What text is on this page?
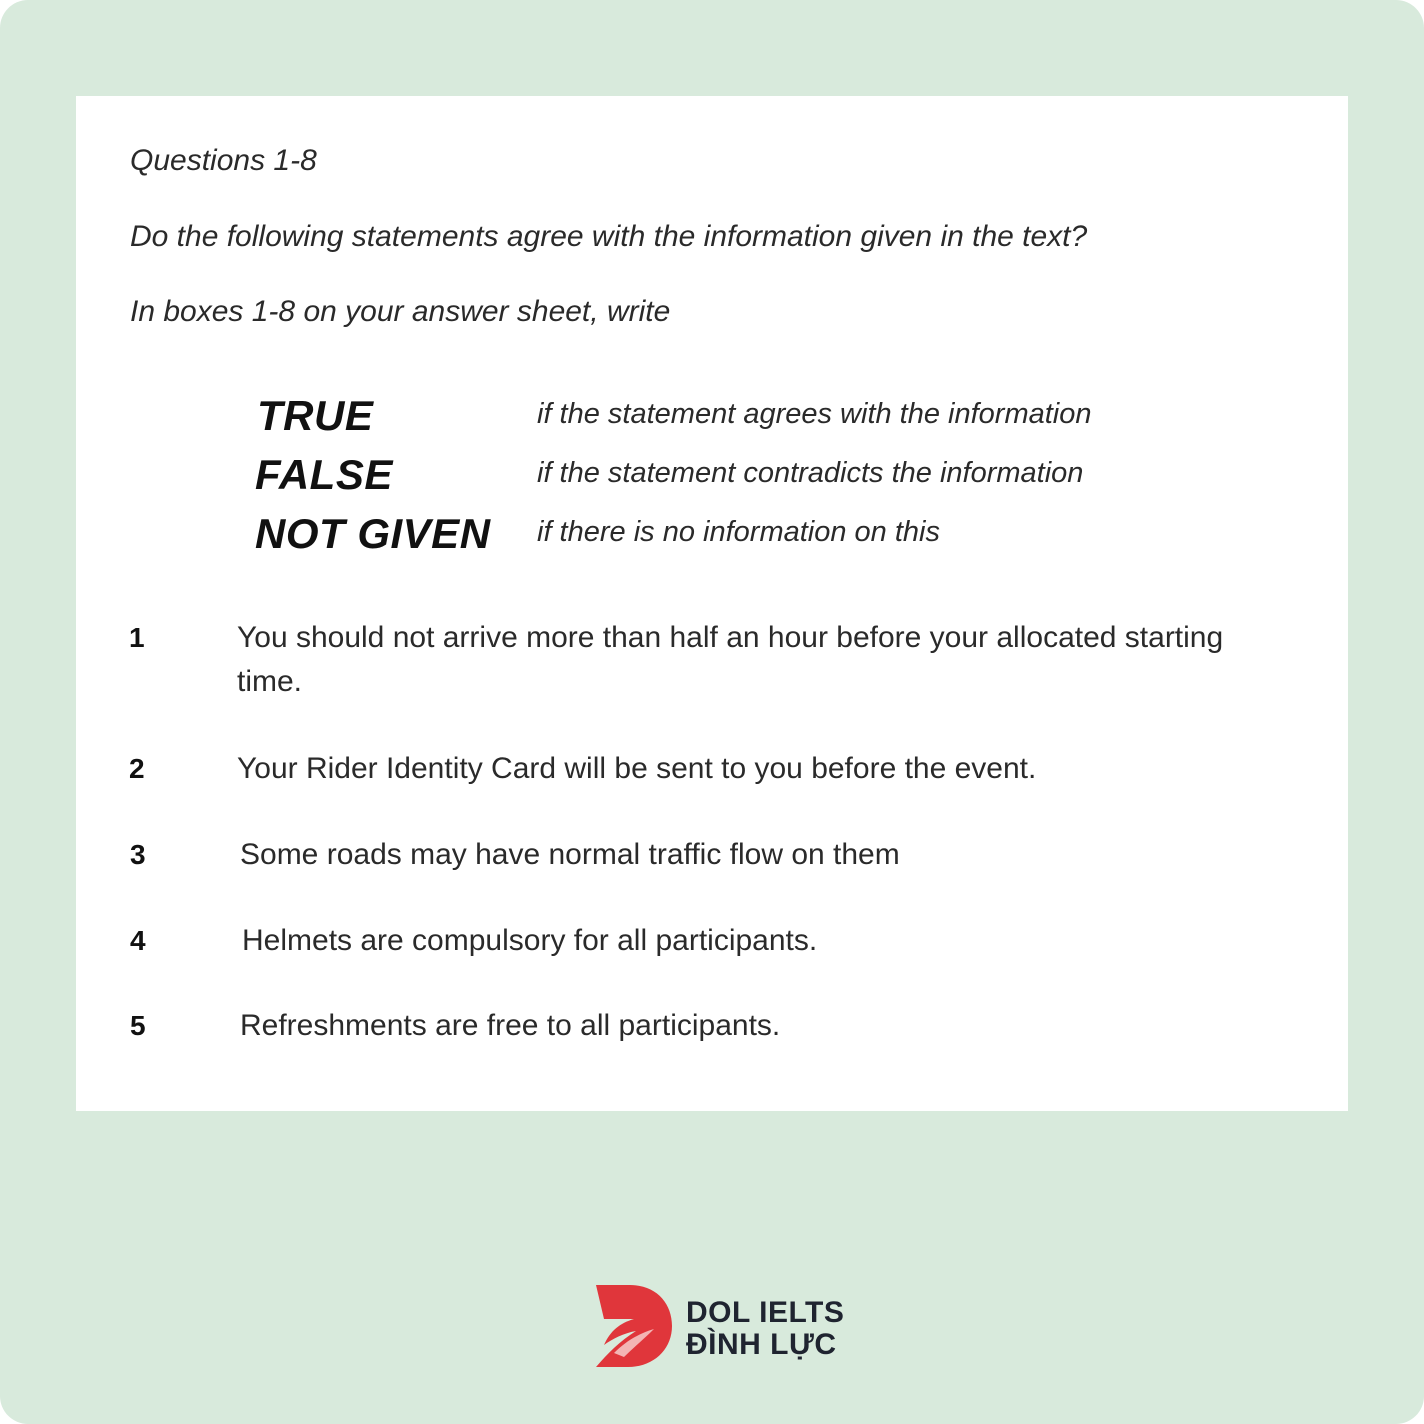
Questions 1-8
Do the following statements agree with the information given in the text?
In boxes 1-8 on your answer sheet, write
TRUE	if the statement agrees with the information
FALSE	if the statement contradicts the information
NOT GIVEN if there is no information on this
1	You should not arrive more than half an hour before your allocated starting time.
2	Your Rider Identity Card will be sent to you before the event.
3	Some roads may have normal traffic flow on them
4	Helmets are compulsory for all participants.
5	Refreshments are free to all participants.
DOL IELTS
ĐÌNH LỰC
